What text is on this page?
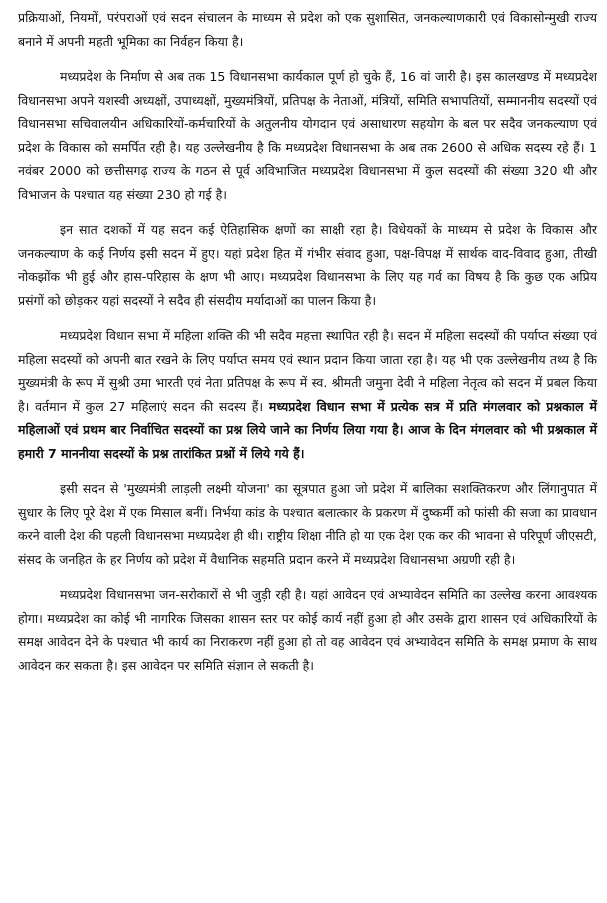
प्रक्रियाओं, नियमों, परंपराओं एवं सदन संचालन के माध्यम से प्रदेश को एक सुशासित, जनकल्याणकारी एवं विकासोन्मुखी राज्य बनाने में अपनी महती भूमिका का निर्वहन किया है।

मध्यप्रदेश के निर्माण से अब तक 15 विधानसभा कार्यकाल पूर्ण हो चुके हैं, 16 वां जारी है। इस कालखण्ड में मध्यप्रदेश विधानसभा अपने यशस्वी अध्यक्षों, उपाध्यक्षों, मुख्यमंत्रियों, प्रतिपक्ष के नेताओं, मंत्रियों, समिति सभापतियों, सम्माननीय सदस्यों एवं विधानसभा सचिवालयीन अधिकारियों-कर्मचारियों के अतुलनीय योगदान एवं असाधारण सहयोग के बल पर सदैव जनकल्याण एवं प्रदेश के विकास को समर्पित रही है। यह उल्लेखनीय है कि मध्यप्रदेश विधानसभा के अब तक 2600 से अधिक सदस्य रहे हैं। 1 नवंबर 2000 को छत्तीसगढ़ राज्य के गठन से पूर्व अविभाजित मध्यप्रदेश विधानसभा में कुल सदस्यों की संख्या 320 थी और विभाजन के पश्चात यह संख्या 230 हो गई है।

इन सात दशकों में यह सदन कई ऐतिहासिक क्षणों का साक्षी रहा है। विधेयकों के माध्यम से प्रदेश के विकास और जनकल्याण के कई निर्णय इसी सदन में हुए। यहां प्रदेश हित में गंभीर संवाद हुआ, पक्ष-विपक्ष में सार्थक वाद-विवाद हुआ, तीखी नोकझोंक भी हुई और हास-परिहास के क्षण भी आए। मध्यप्रदेश विधानसभा के लिए यह गर्व का विषय है कि कुछ एक अप्रिय प्रसंगों को छोड़कर यहां सदस्यों ने सदैव ही संसदीय मर्यादाओं का पालन किया है।

मध्यप्रदेश विधान सभा में महिला शक्ति की भी सदैव महत्ता स्थापित रही है। सदन में महिला सदस्यों की पर्याप्त संख्या एवं महिला सदस्यों को अपनी बात रखने के लिए पर्याप्त समय एवं स्थान प्रदान किया जाता रहा है। यह भी एक उल्लेखनीय तथ्य है कि मुख्यमंत्री के रूप में सुश्री उमा भारती एवं नेता प्रतिपक्ष के रूप में स्व. श्रीमती जमुना देवी ने महिला नेतृत्व को सदन में प्रबल किया है। वर्तमान में कुल 27 महिलाएं सदन की सदस्य हैं। मध्यप्रदेश विधान सभा में प्रत्येक सत्र में प्रति मंगलवार को प्रश्नकाल में महिलाओं एवं प्रथम बार निर्वाचित सदस्यों का प्रश्न लिये जाने का निर्णय लिया गया है। आज के दिन मंगलवार को भी प्रश्नकाल में हमारी 7 माननीया सदस्यों के प्रश्न तारांकित प्रश्नों में लिये गये हैं।

इसी सदन से 'मुख्यमंत्री लाड़ली लक्ष्मी योजना' का सूत्रपात हुआ जो प्रदेश में बालिका सशक्तिकरण और लिंगानुपात में सुधार के लिए पूरे देश में एक मिसाल बनीं। निर्भया कांड के पश्चात बलात्कार के प्रकरण में दुष्कर्मी को फांसी की सजा का प्रावधान करने वाली देश की पहली विधानसभा मध्यप्रदेश ही थी। राष्ट्रीय शिक्षा नीति हो या एक देश एक कर की भावना से परिपूर्ण जीएसटी, संसद के जनहित के हर निर्णय को प्रदेश में वैधानिक सहमति प्रदान करने में मध्यप्रदेश विधानसभा अग्रणी रही है।

मध्यप्रदेश विधानसभा जन-सरोकारों से भी जुड़ी रही है। यहां आवेदन एवं अभ्यावेदन समिति का उल्लेख करना आवश्यक होगा। मध्यप्रदेश का कोई भी नागरिक जिसका शासन स्तर पर कोई कार्य नहीं हुआ हो और उसके द्वारा शासन एवं अधिकारियों के समक्ष आवेदन देने के पश्चात भी कार्य का निराकरण नहीं हुआ हो तो वह आवेदन एवं अभ्यावेदन समिति के समक्ष प्रमाण के साथ आवेदन कर सकता है। इस आवेदन पर समिति संज्ञान ले सकती है।
